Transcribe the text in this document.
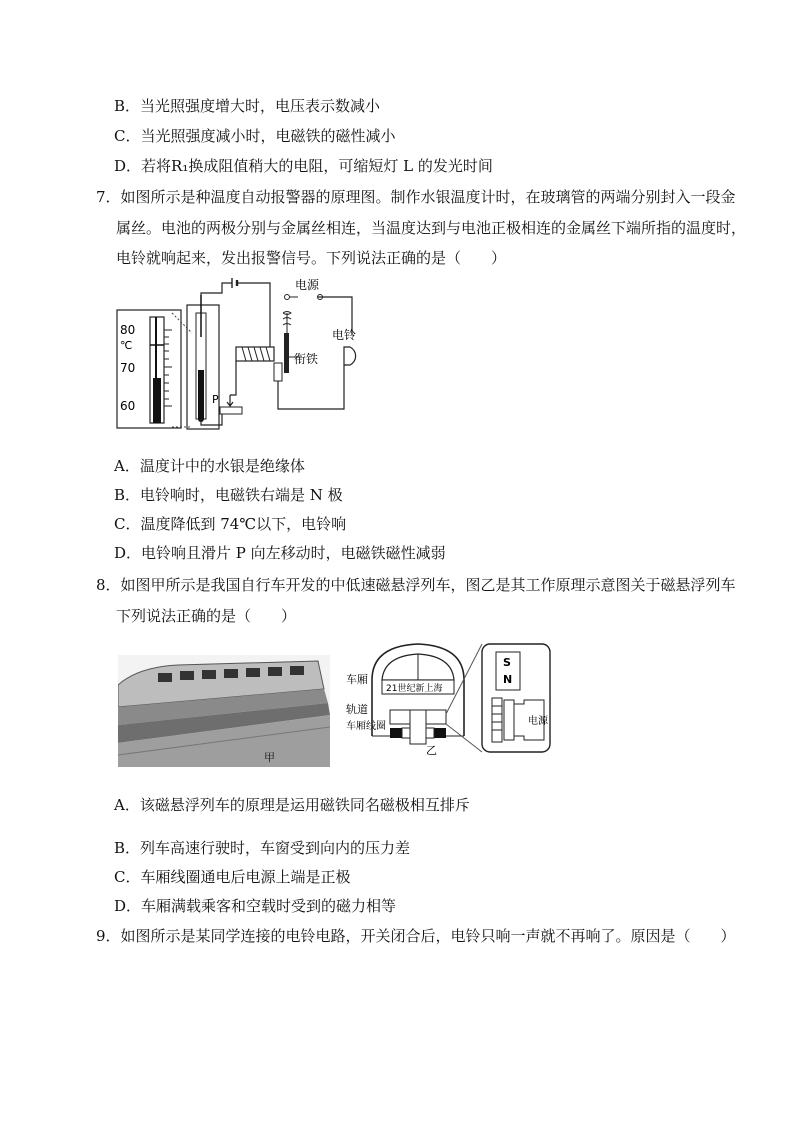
B．当光照强度增大时，电压表示数减小
C．当光照强度减小时，电磁铁的磁性减小
D．若将R₁换成阻值稍大的电阻，可缩短灯 L 的发光时间
7．如图所示是种温度自动报警器的原理图。制作水银温度计时，在玻璃管的两端分别封入一段金
属丝。电池的两极分别与金属丝相连，当温度达到与电池正极相连的金属丝下端所指的温度时，
电铃就响起来，发出报警信号。下列说法正确的是（　　）
80
℃
70
60	P
电源
电铃
衔铁
A．温度计中的水银是绝缘体
B．电铃响时，电磁铁右端是 N 极
C．温度降低到 74℃以下，电铃响
D．电铃响且滑片 P 向左移动时，电磁铁磁性减弱
8．如图甲所示是我国自行车开发的中低速磁悬浮列车，图乙是其工作原理示意图关于磁悬浮列车
下列说法正确的是（　　）
甲
车厢
轨道
车厢线圈
21世纪新上海
乙
S
N
电源
A．该磁悬浮列车的原理是运用磁铁同名磁极相互排斥
B．列车高速行驶时，车窗受到向内的压力差
C．车厢线圈通电后电源上端是正极
D．车厢满载乘客和空载时受到的磁力相等
9．如图所示是某同学连接的电铃电路，开关闭合后，电铃只响一声就不再响了。原因是（　　）
